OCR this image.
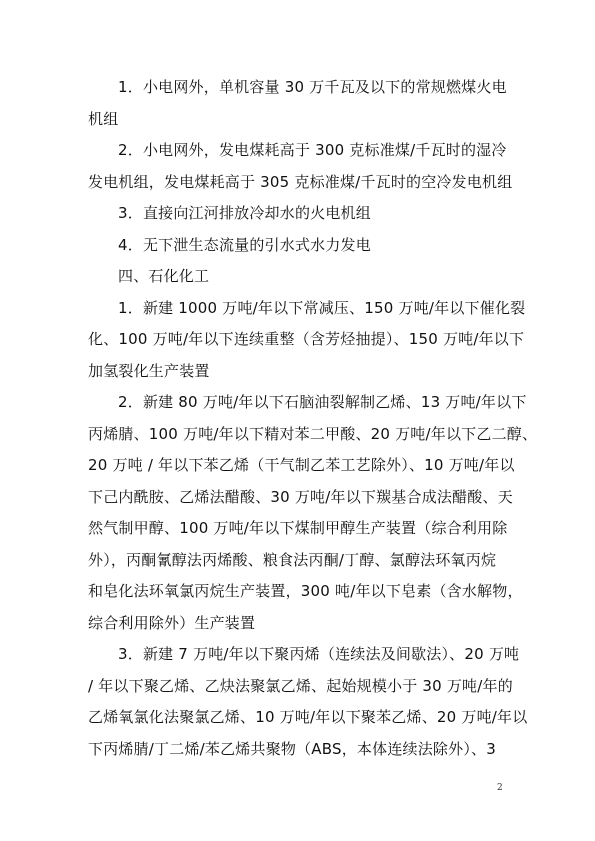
1．小电网外，单机容量 30 万千瓦及以下的常规燃煤火电
机组

2．小电网外，发电煤耗高于 300 克标准煤/千瓦时的湿冷
发电机组，发电煤耗高于 305 克标准煤/千瓦时的空冷发电机组

3．直接向江河排放冷却水的火电机组

4．无下泄生态流量的引水式水力发电

四、石化化工

1．新建 1000 万吨/年以下常减压、150 万吨/年以下催化裂
化、100 万吨/年以下连续重整（含芳烃抽提）、150 万吨/年以下
加氢裂化生产装置

2．新建 80 万吨/年以下石脑油裂解制乙烯、13 万吨/年以下
丙烯腈、100 万吨/年以下精对苯二甲酸、20 万吨/年以下乙二醇、
20 万吨 / 年以下苯乙烯（干气制乙苯工艺除外）、10 万吨/年以
下己内酰胺、乙烯法醋酸、30 万吨/年以下羰基合成法醋酸、天
然气制甲醇、100 万吨/年以下煤制甲醇生产装置（综合利用除
外），丙酮氰醇法丙烯酸、粮食法丙酮/丁醇、氯醇法环氧丙烷
和皂化法环氧氯丙烷生产装置，300 吨/年以下皂素（含水解物，
综合利用除外）生产装置

3．新建 7 万吨/年以下聚丙烯（连续法及间歇法）、20 万吨
/ 年以下聚乙烯、乙炔法聚氯乙烯、起始规模小于 30 万吨/年的
乙烯氧氯化法聚氯乙烯、10 万吨/年以下聚苯乙烯、20 万吨/年以
下丙烯腈/丁二烯/苯乙烯共聚物（ABS，本体连续法除外）、3

2
